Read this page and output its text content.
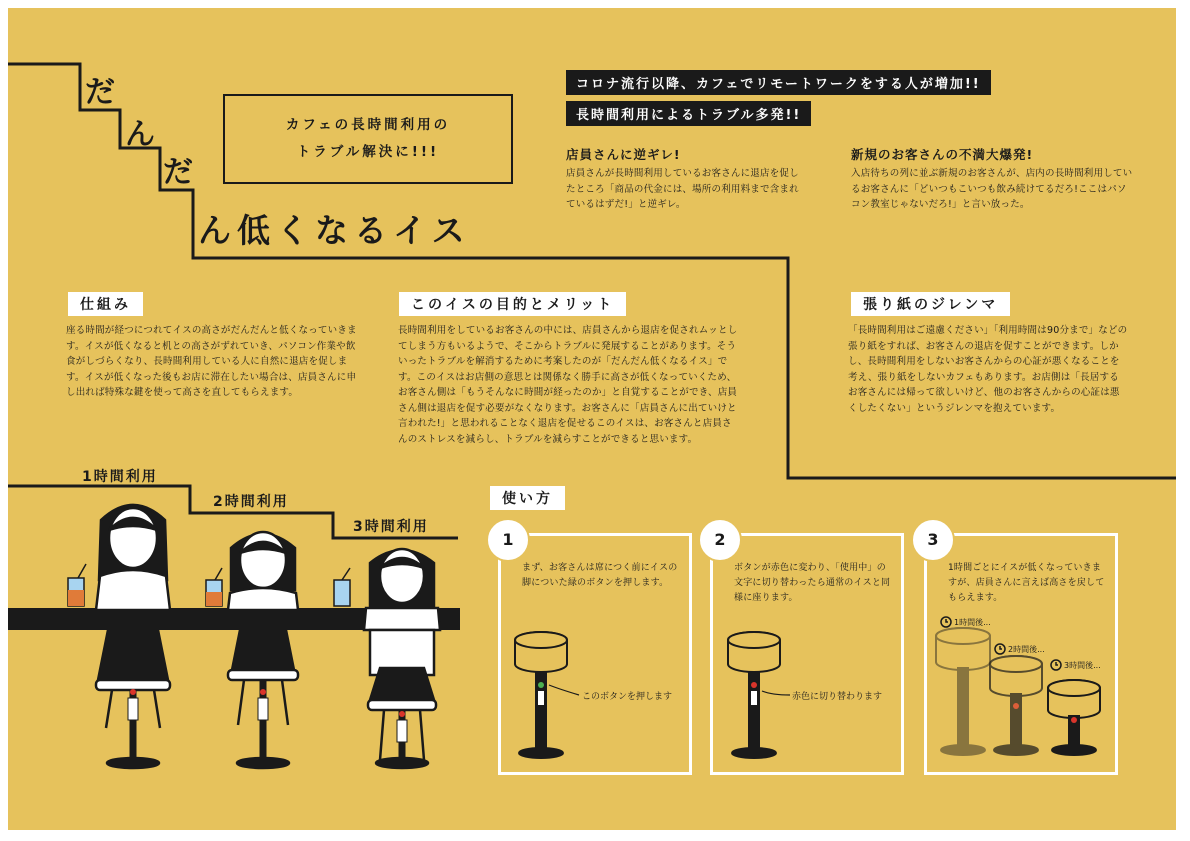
コロナ流行以降、カフェでリモートワークをする人が増加!!
長時間利用によるトラブル多発!!
だ
ん
だ
ん低くなるイス
カフェの長時間利用の
トラブル解決に!!!	店員さんに逆ギレ!
店員さんが長時間利用しているお客さんに退店を促したところ「商品の代金には、場所の利用料まで含まれているはずだ!」と逆ギレ。
新規のお客さんの不満大爆発!
入店待ちの列に並ぶ新規のお客さんが、店内の長時間利用しているお客さんに「どいつもこいつも飲み続けてるだろ!ここはパソコン教室じゃないだろ!」と言い放った。
仕組み
座る時間が経つにつれてイスの高さがだんだんと低くなっていきます。イスが低くなると机との高さがずれていき、パソコン作業や飲食がしづらくなり、長時間利用している人に自然に退店を促します。イスが低くなった後もお店に滞在したい場合は、店員さんに申し出れば特殊な鍵を使って高さを直してもらえます。
このイスの目的とメリット
長時間利用をしているお客さんの中には、店員さんから退店を促されムッとしてしまう方もいるようで、そこからトラブルに発展することがあります。そういったトラブルを解消するために考案したのが「だんだん低くなるイス」です。このイスはお店側の意思とは関係なく勝手に高さが低くなっていくため、お客さん側は「もうそんなに時間が経ったのか」と自覚することができ、店員さん側は退店を促す必要がなくなります。お客さんに「店員さんに出ていけと言われた!」と思われることなく退店を促せるこのイスは、お客さんと店員さんのストレスを減らし、トラブルを減らすことができると思います。
張り紙のジレンマ
「長時間利用はご遠慮ください」「利用時間は90分まで」などの張り紙をすれば、お客さんの退店を促すことができます。しかし、長時間利用をしないお客さんからの心証が悪くなることを考え、張り紙をしないカフェもあります。お店側は「長居するお客さんには帰って欲しいけど、他のお客さんからの心証は悪くしたくない」というジレンマを抱えています。
1時間利用
2時間利用
3時間利用
使い方
1	2	3
まず、お客さんは席につく前にイスの脚についた緑のボタンを押します。
ボタンが赤色に変わり、「使用中」の文字に切り替わったら通常のイスと同様に座ります。
1時間ごとにイスが低くなっていきますが、店員さんに言えば高さを戻してもらえます。
このボタンを押します	赤色に切り替わります
1時間後...
2時間後...
3時間後...
